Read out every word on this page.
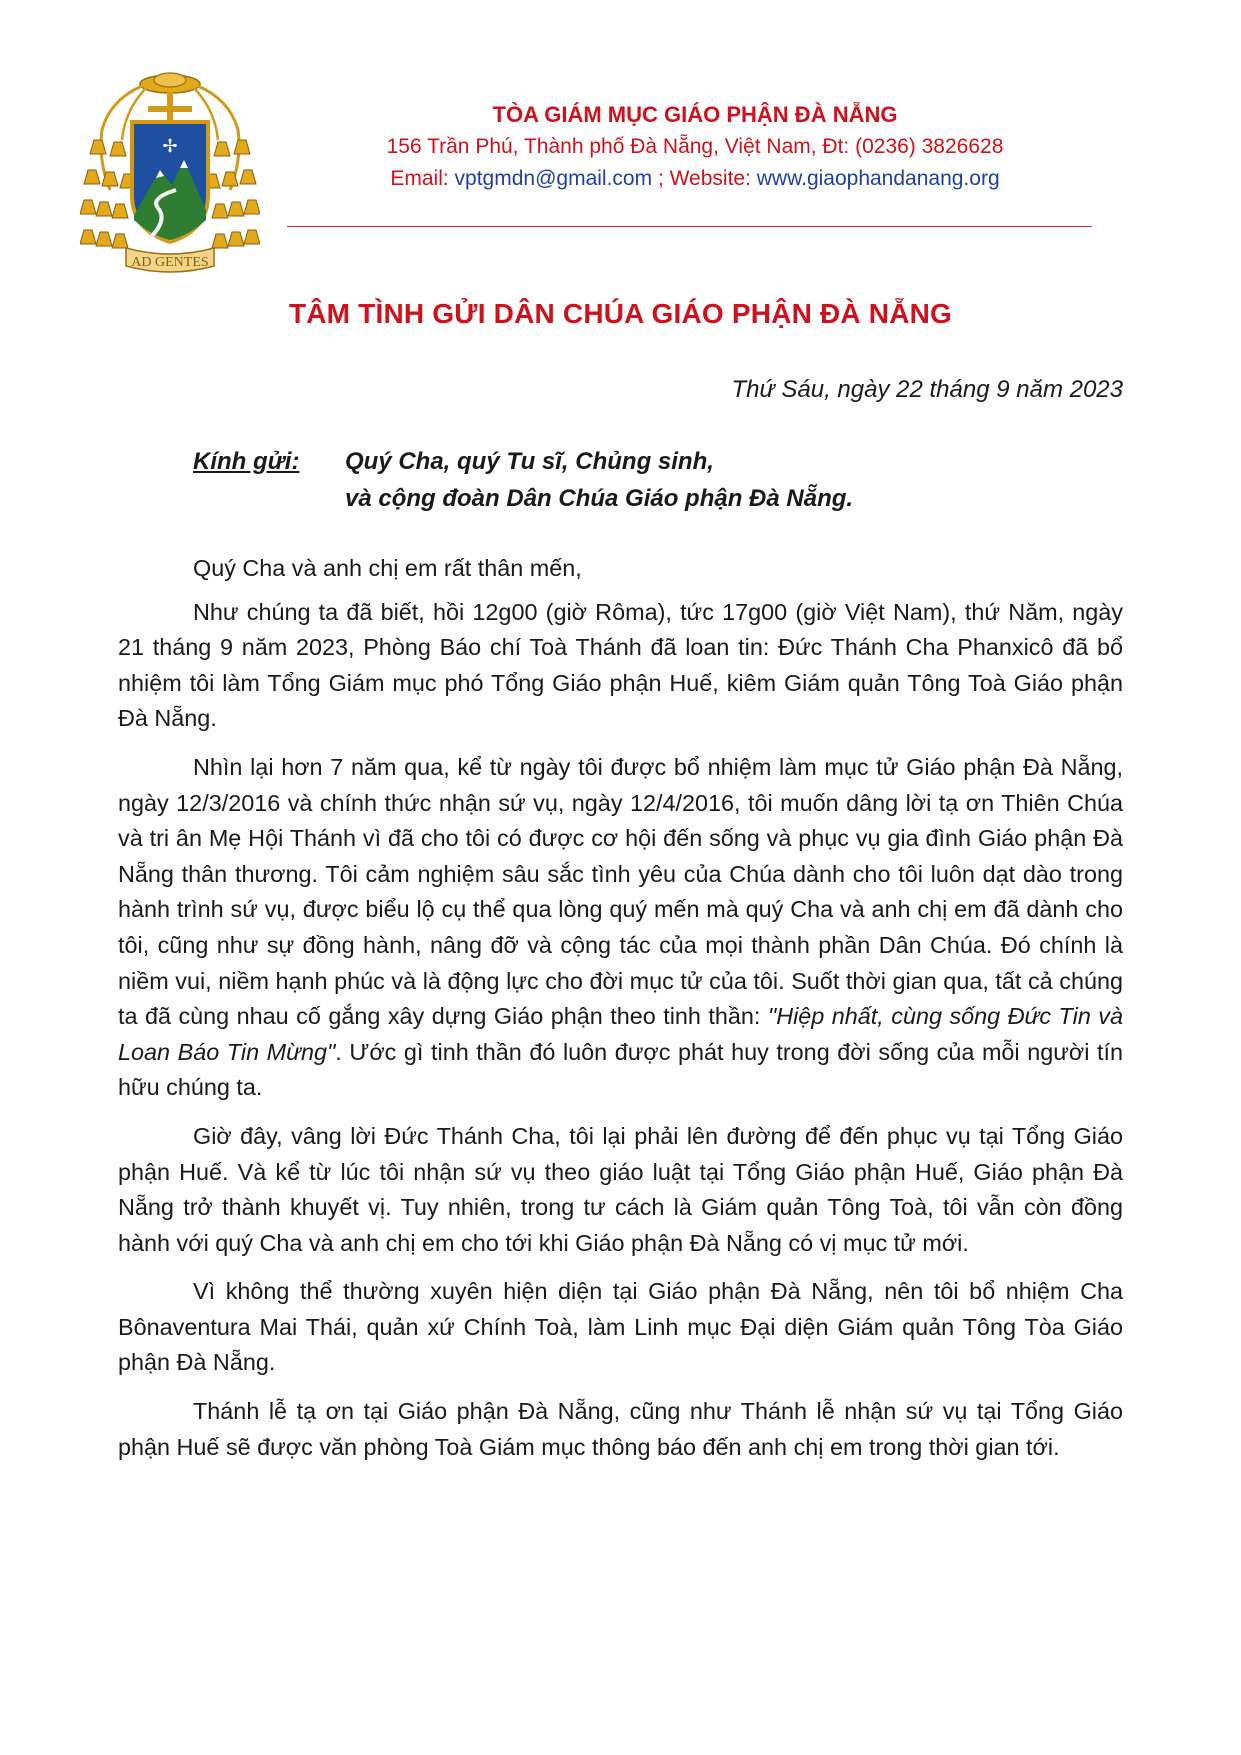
✢
AD GENTES
TÒA GIÁM MỤC GIÁO PHẬN ĐÀ NẴNG
156 Trần Phú, Thành phố Đà Nẵng, Việt Nam, Đt: (0236) 3826628
Email: vptgmdn@gmail.com ; Website: www.giaophandanang.org
TÂM TÌNH GỬI DÂN CHÚA GIÁO PHẬN ĐÀ NẴNG
Thứ Sáu, ngày 22 tháng 9 năm 2023
Kính gửi: Quý Cha, quý Tu sĩ, Chủng sinh,
và cộng đoàn Dân Chúa Giáo phận Đà Nẵng.

Quý Cha và anh chị em rất thân mến,

Như chúng ta đã biết, hồi 12g00 (giờ Rôma), tức 17g00 (giờ Việt Nam), thứ Năm, ngày 21 tháng 9 năm 2023, Phòng Báo chí Toà Thánh đã loan tin: Đức Thánh Cha Phanxicô đã bổ nhiệm tôi làm Tổng Giám mục phó Tổng Giáo phận Huế, kiêm Giám quản Tông Toà Giáo phận Đà Nẵng.

Nhìn lại hơn 7 năm qua, kể từ ngày tôi được bổ nhiệm làm mục tử Giáo phận Đà Nẵng, ngày 12/3/2016 và chính thức nhận sứ vụ, ngày 12/4/2016, tôi muốn dâng lời tạ ơn Thiên Chúa và tri ân Mẹ Hội Thánh vì đã cho tôi có được cơ hội đến sống và phục vụ gia đình Giáo phận Đà Nẵng thân thương. Tôi cảm nghiệm sâu sắc tình yêu của Chúa dành cho tôi luôn dạt dào trong hành trình sứ vụ, được biểu lộ cụ thể qua lòng quý mến mà quý Cha và anh chị em đã dành cho tôi, cũng như sự đồng hành, nâng đỡ và cộng tác của mọi thành phần Dân Chúa. Đó chính là niềm vui, niềm hạnh phúc và là động lực cho đời mục tử của tôi. Suốt thời gian qua, tất cả chúng ta đã cùng nhau cố gắng xây dựng Giáo phận theo tinh thần: "Hiệp nhất, cùng sống Đức Tin và Loan Báo Tin Mừng". Ước gì tinh thần đó luôn được phát huy trong đời sống của mỗi người tín hữu chúng ta.

Giờ đây, vâng lời Đức Thánh Cha, tôi lại phải lên đường để đến phục vụ tại Tổng Giáo phận Huế. Và kể từ lúc tôi nhận sứ vụ theo giáo luật tại Tổng Giáo phận Huế, Giáo phận Đà Nẵng trở thành khuyết vị. Tuy nhiên, trong tư cách là Giám quản Tông Toà, tôi vẫn còn đồng hành với quý Cha và anh chị em cho tới khi Giáo phận Đà Nẵng có vị mục tử mới.

Vì không thể thường xuyên hiện diện tại Giáo phận Đà Nẵng, nên tôi bổ nhiệm Cha Bônaventura Mai Thái, quản xứ Chính Toà, làm Linh mục Đại diện Giám quản Tông Tòa Giáo phận Đà Nẵng.

Thánh lễ tạ ơn tại Giáo phận Đà Nẵng, cũng như Thánh lễ nhận sứ vụ tại Tổng Giáo phận Huế sẽ được văn phòng Toà Giám mục thông báo đến anh chị em trong thời gian tới.
